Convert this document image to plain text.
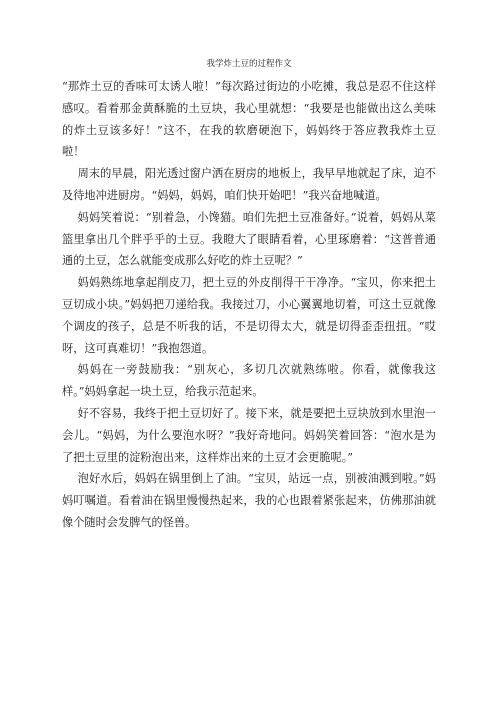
我学炸土豆的过程作文

“那炸土豆的香味可太诱人啦！”每次路过街边的小吃摊，我总是忍不住这样感叹。看着那金黄酥脆的土豆块，我心里就想：“我要是也能做出这么美味的炸土豆该多好！”这不，在我的软磨硬泡下，妈妈终于答应教我炸土豆啦！

周末的早晨，阳光透过窗户洒在厨房的地板上，我早早地就起了床，迫不及待地冲进厨房。“妈妈，妈妈，咱们快开始吧！”我兴奋地喊道。

妈妈笑着说：“别着急，小馋猫。咱们先把土豆准备好。”说着，妈妈从菜篮里拿出几个胖乎乎的土豆。我瞪大了眼睛看着，心里琢磨着：“这普普通通的土豆，怎么就能变成那么好吃的炸土豆呢？”

妈妈熟练地拿起削皮刀，把土豆的外皮削得干干净净。“宝贝，你来把土豆切成小块。”妈妈把刀递给我。我接过刀，小心翼翼地切着，可这土豆就像个调皮的孩子，总是不听我的话，不是切得太大，就是切得歪歪扭扭。“哎呀，这可真难切！”我抱怨道。

妈妈在一旁鼓励我：“别灰心，多切几次就熟练啦。你看，就像我这样。”妈妈拿起一块土豆，给我示范起来。

好不容易，我终于把土豆切好了。接下来，就是要把土豆块放到水里泡一会儿。“妈妈，为什么要泡水呀？”我好奇地问。妈妈笑着回答：“泡水是为了把土豆里的淀粉泡出来，这样炸出来的土豆才会更脆呢。”

泡好水后，妈妈在锅里倒上了油。“宝贝，站远一点，别被油溅到啦。”妈妈叮嘱道。看着油在锅里慢慢热起来，我的心也跟着紧张起来，仿佛那油就像个随时会发脾气的怪兽。
